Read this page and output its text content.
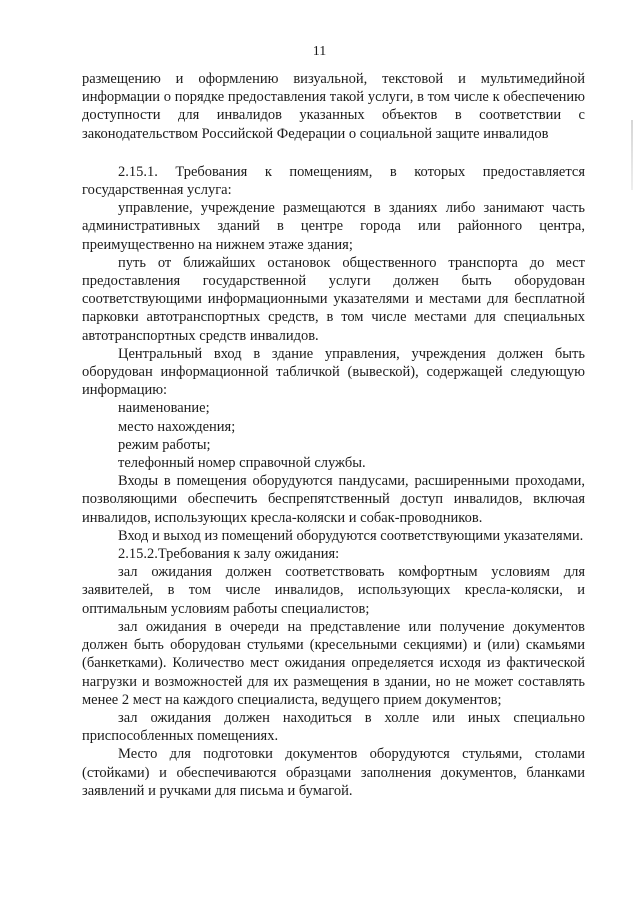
11

размещению и оформлению визуальной, текстовой и мультимедийной информации о порядке предоставления такой услуги, в том числе к обеспечению доступности для инвалидов указанных объектов в соответствии с законодательством Российской Федерации о социальной защите инвалидов

2.15.1. Требования к помещениям, в которых предоставляется государственная услуга:

управление, учреждение размещаются в зданиях либо занимают часть административных зданий в центре города или районного центра, преимущественно на нижнем этаже здания;

путь от ближайших остановок общественного транспорта до мест предоставления государственной услуги должен быть оборудован соответствующими информационными указателями и местами для бесплатной парковки автотранспортных средств, в том числе местами для специальных автотранспортных средств инвалидов.

Центральный вход в здание управления, учреждения должен быть оборудован информационной табличкой (вывеской), содержащей следующую информацию:

наименование;

место нахождения;

режим работы;

телефонный номер справочной службы.

Входы в помещения оборудуются пандусами, расширенными проходами, позволяющими обеспечить беспрепятственный доступ инвалидов, включая инвалидов, использующих кресла-коляски и собак-проводников.

Вход и выход из помещений оборудуются соответствующими указателями.

2.15.2.Требования к залу ожидания:

зал ожидания должен соответствовать комфортным условиям для заявителей, в том числе инвалидов, использующих кресла-коляски, и оптимальным условиям работы специалистов;

зал ожидания в очереди на представление или получение документов должен быть оборудован стульями (кресельными секциями) и (или) скамьями (банкетками). Количество мест ожидания определяется исходя из фактической нагрузки и возможностей для их размещения в здании, но не может составлять менее 2 мест на каждого специалиста, ведущего прием документов;

зал ожидания должен находиться в холле или иных специально приспособленных помещениях.

Место для подготовки документов оборудуются стульями, столами (стойками) и обеспечиваются образцами заполнения документов, бланками заявлений и ручками для письма и бумагой.
